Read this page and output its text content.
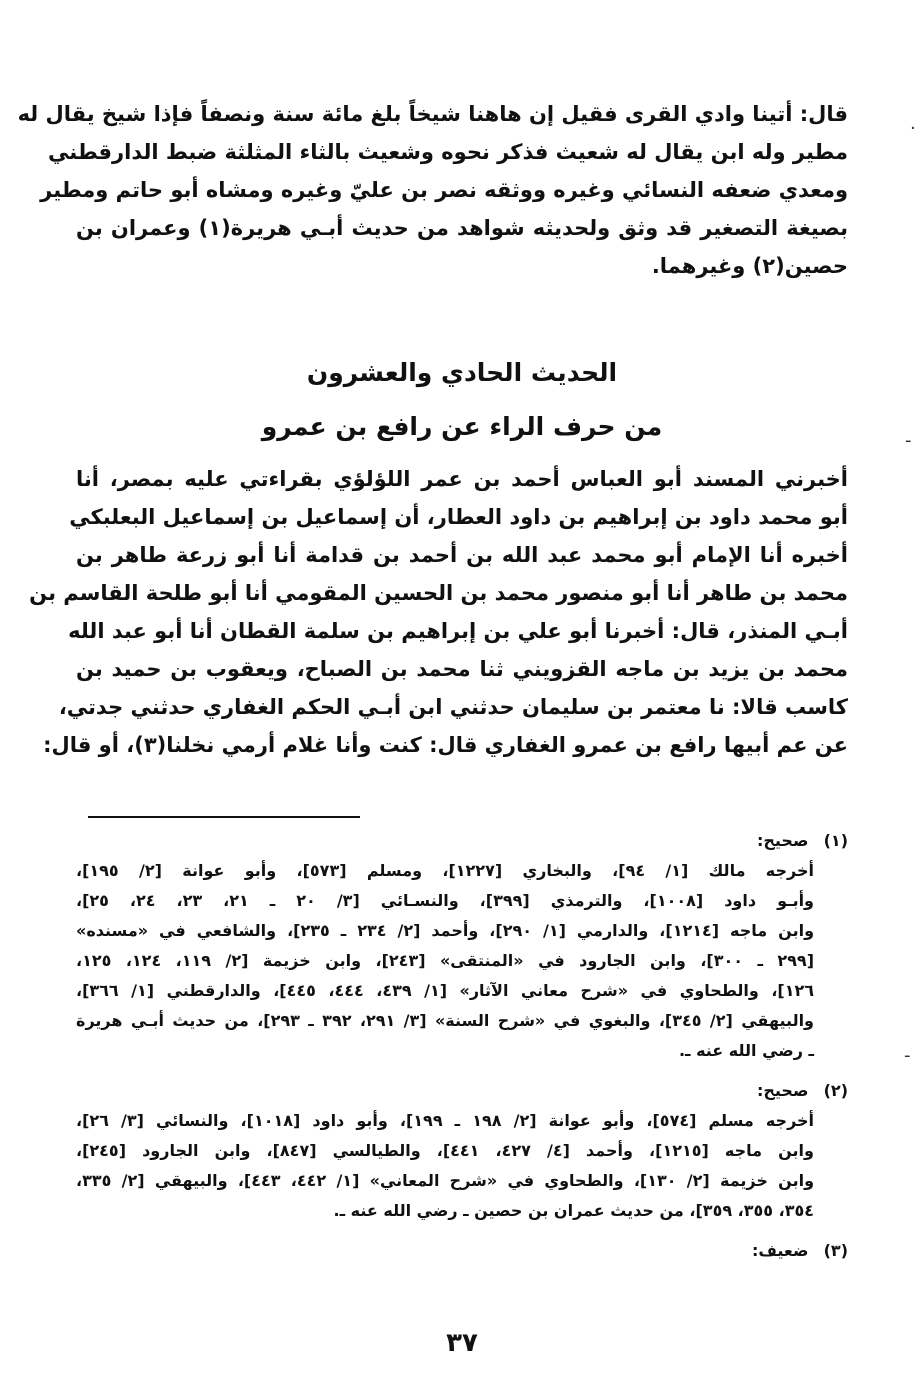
قال: أتينا وادي القرى فقيل إن هاهنا شيخاً بلغ مائة سنة ونصفاً فإذا شيخ يقال له
مطير وله ابن يقال له شعيث فذكر نحوه وشعيث بالثاء المثلثة ضبط الدارقطني
ومعدي ضعفه النسائي وغيره ووثقه نصر بن عليّ وغيره ومشاه أبو حاتم ومطير
بصيغة التصغير قد وثق ولحديثه شواهد من حديث أبـي هريرة(١) وعمران بن
حصين(٢) وغيرهما.
الحديث الحادي والعشرون
من حرف الراء عن رافع بن عمرو
أخبرني المسند أبو العباس أحمد بن عمر اللؤلؤي بقراءتي عليه بمصر، أنا
أبو محمد داود بن إبراهيم بن داود العطار، أن إسماعيل بن إسماعيل البعلبكي
أخبره أنا الإمام أبو محمد عبد الله بن أحمد بن قدامة أنا أبو زرعة طاهر بن
محمد بن طاهر أنا أبو منصور محمد بن الحسين المقومي أنا أبو طلحة القاسم بن
أبـي المنذر، قال: أخبرنا أبو علي بن إبراهيم بن سلمة القطان أنا أبو عبد الله
محمد بن يزيد بن ماجه القزويني ثنا محمد بن الصباح، ويعقوب بن حميد بن
كاسب قالا: نا معتمر بن سليمان حدثني ابن أبـي الحكم الغفاري حدثني جدتي،
عن عم أبيها رافع بن عمرو الغفاري قال: كنت وأنا غلام أرمي نخلنا(٣)، أو قال:
(١) صحيح:
أخرجه مالك [١/ ٩٤]، والبخاري [١٢٢٧]، ومسلم [٥٧٣]، وأبو عوانة [٢/ ١٩٥]،
وأبـو داود [١٠٠٨]، والترمذي [٣٩٩]، والنسـائي [٣/ ٢٠ ـ ٢١، ٢٣، ٢٤، ٢٥]،
وابن ماجه [١٢١٤]، والدارمي [١/ ٢٩٠]، وأحمد [٢/ ٢٣٤ ـ ٢٣٥]، والشافعي في «مسنده»
[٢٩٩ ـ ٣٠٠]، وابن الجارود في «المنتقى» [٢٤٣]، وابن خزيمة [٢/ ١١٩، ١٢٤، ١٢٥،
١٢٦]، والطحاوي في «شرح معاني الآثار» [١/ ٤٣٩، ٤٤٤، ٤٤٥]، والدارقطني [١/ ٣٦٦]،
والبيهقي [٢/ ٣٤٥]، والبغوي في «شرح السنة» [٣/ ٢٩١، ٣٩٢ ـ ٢٩٣]، من حديث أبـي هريرة
ـ رضي الله عنه ـ.
(٢) صحيح:
أخرجه مسلم [٥٧٤]، وأبو عوانة [٢/ ١٩٨ ـ ١٩٩]، وأبو داود [١٠١٨]، والنسائي [٣/ ٢٦]،
وابن ماجه [١٢١٥]، وأحمد [٤/ ٤٢٧، ٤٤١]، والطيالسي [٨٤٧]، وابن الجارود [٢٤٥]،
وابن خزيمة [٢/ ١٣٠]، والطحاوي في «شرح المعاني» [١/ ٤٤٢، ٤٤٣]، والبيهقي [٢/ ٣٣٥،
٣٥٤، ٣٥٥، ٣٥٩]، من حديث عمران بن حصين ـ رضي الله عنه ـ.
(٣) ضعيف:
٣٧
·
-
-
